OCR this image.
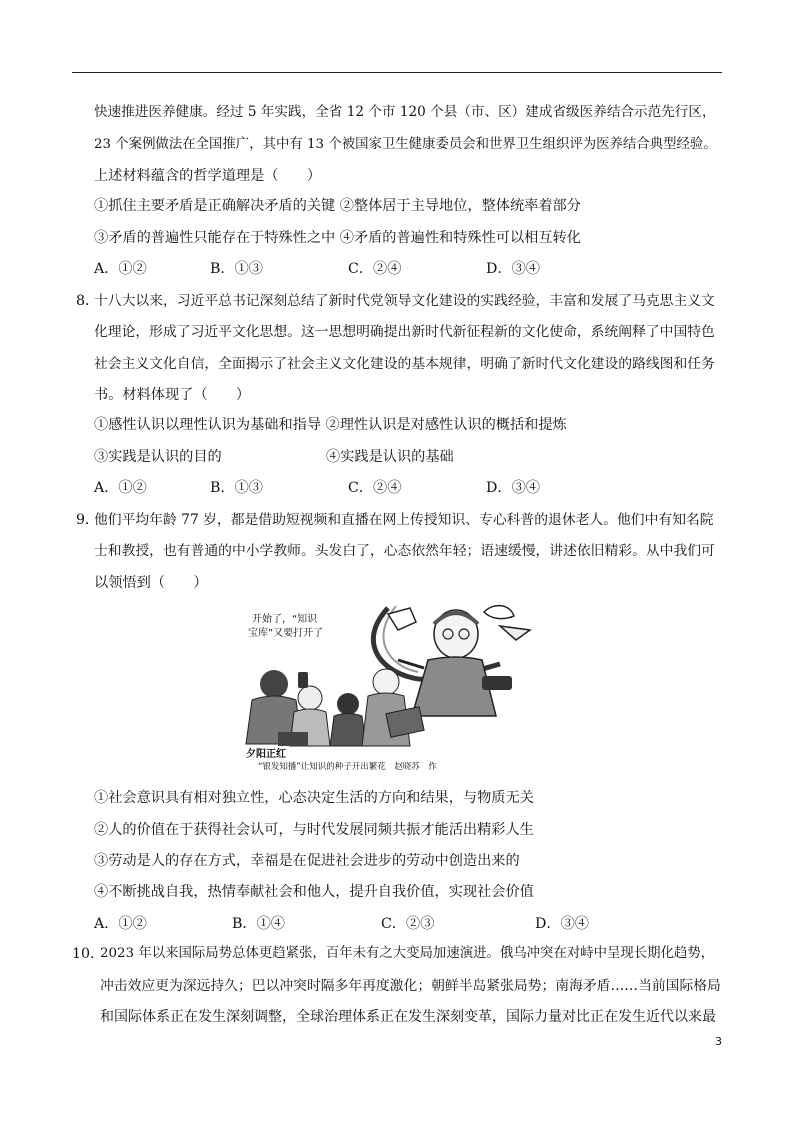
快速推进医养健康。经过 5 年实践，全省 12 个市 120 个县（市、区）建成省级医养结合示范先行区，
23 个案例做法在全国推广，其中有 13 个被国家卫生健康委员会和世界卫生组织评为医养结合典型经验。
上述材料蕴含的哲学道理是（　　）
①抓住主要矛盾是正确解决矛盾的关键 ②整体居于主导地位，整体统率着部分
③矛盾的普遍性只能存在于特殊性之中 ④矛盾的普遍性和特殊性可以相互转化
A．①②	B．①③	C．②④	D．③④
8．
十八大以来，习近平总书记深刻总结了新时代党领导文化建设的实践经验，丰富和发展了马克思主义文
化理论，形成了习近平文化思想。这一思想明确提出新时代新征程新的文化使命，系统阐释了中国特色
社会主义文化自信，全面揭示了社会主义文化建设的基本规律，明确了新时代文化建设的路线图和任务
书。材料体现了（　　）
①感性认识以理性认识为基础和指导 ②理性认识是对感性认识的概括和提炼
③实践是认识的目的	④实践是认识的基础
A．①②	B．①③	C．②④	D．③④
9．
他们平均年龄 77 岁，都是借助短视频和直播在网上传授知识、专心科普的退休老人。他们中有知名院
士和教授，也有普通的中小学教师。头发白了，心态依然年轻；语速缓慢，讲述依旧精彩。从中我们可
以领悟到（　　）
开始了，“知识
宝库”又要打开了
夕阳正红
“银发知播”让知识的种子开出繁花　赵晓苏　作
①社会意识具有相对独立性，心态决定生活的方向和结果，与物质无关
②人的价值在于获得社会认可，与时代发展同频共振才能活出精彩人生
③劳动是人的存在方式，幸福是在促进社会进步的劳动中创造出来的
④不断挑战自我，热情奉献社会和他人，提升自我价值，实现社会价值
A．①②	B．①④	C．②③	D．③④
10．
2023 年以来国际局势总体更趋紧张，百年未有之大变局加速演进。俄乌冲突在对峙中呈现长期化趋势，
冲击效应更为深远持久；巴以冲突时隔多年再度激化；朝鲜半岛紧张局势；南海矛盾……当前国际格局
和国际体系正在发生深刻调整，全球治理体系正在发生深刻变革，国际力量对比正在发生近代以来最
3
